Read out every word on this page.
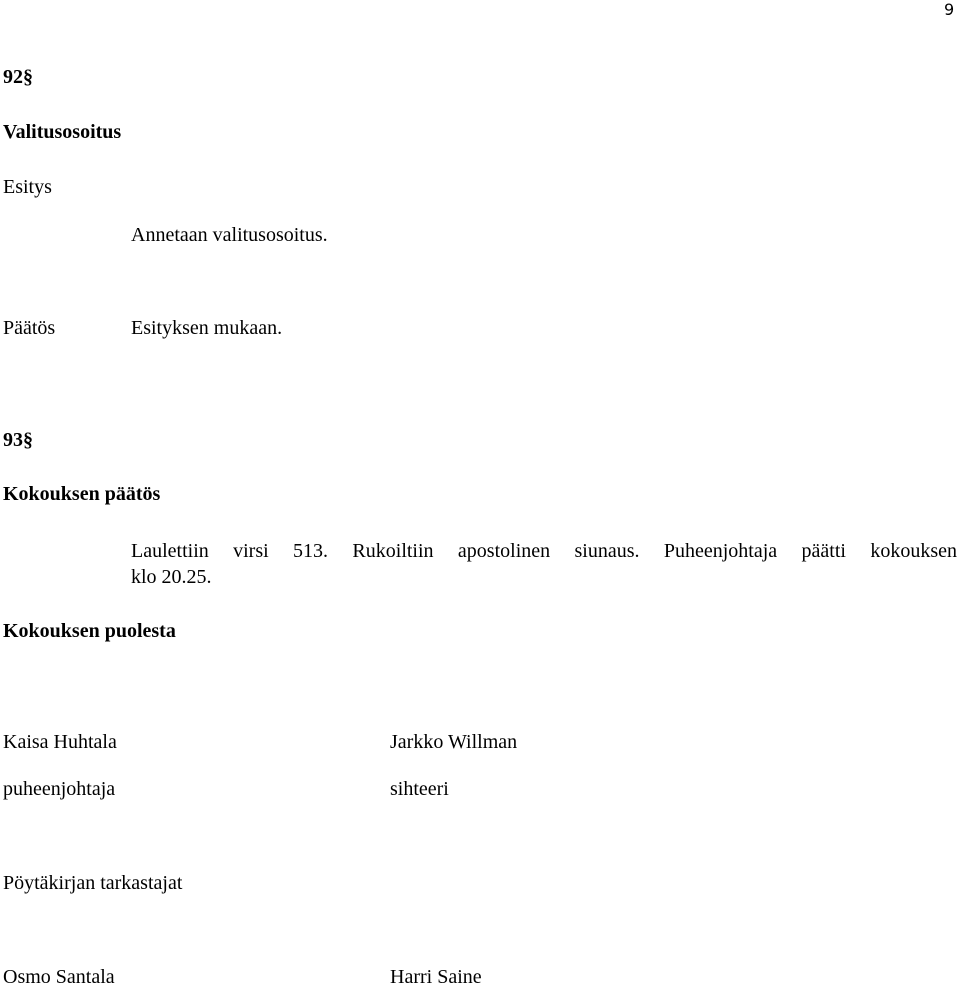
9
92§
Valitusosoitus
Esitys
Annetaan valitusosoitus.
Päätös	Esityksen mukaan.
93§
Kokouksen päätös
Laulettiin virsi 513. Rukoiltiin apostolinen siunaus. Puheenjohtaja päätti kokouksen
klo 20.25.
Kokouksen puolesta
Kaisa Huhtala	Jarkko Willman
puheenjohtaja	sihteeri
Pöytäkirjan tarkastajat
Osmo Santala	Harri Saine
